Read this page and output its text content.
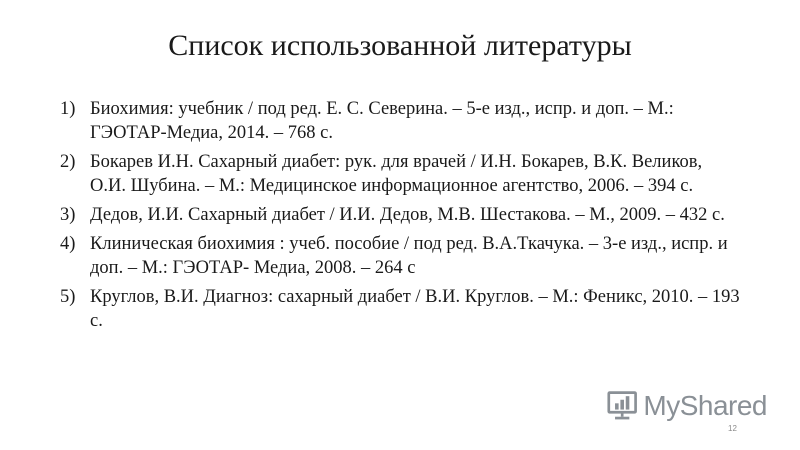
Список использованной литературы
1) Биохимия: учебник / под ред. Е. С. Северина. – 5-е изд., испр. и доп. – М.: ГЭОТАР-Медиа, 2014. – 768 с.
2) Бокарев И.Н. Сахарный диабет: рук. для врачей / И.Н. Бокарев, В.К. Великов, О.И. Шубина. – М.: Медицинское информационное агентство, 2006. – 394 с.
3) Дедов, И.И. Сахарный диабет / И.И. Дедов, М.В. Шестакова. – М., 2009. – 432 с.
4) Клиническая биохимия : учеб. пособие / под ред. В.А.Ткачука. – 3-е изд., испр. и доп. – М.: ГЭОТАР- Медиа, 2008. – 264 с
5) Круглов, В.И. Диагноз: сахарный диабет / В.И. Круглов. – М.: Феникс, 2010. – 193 с.
MyShared
12
